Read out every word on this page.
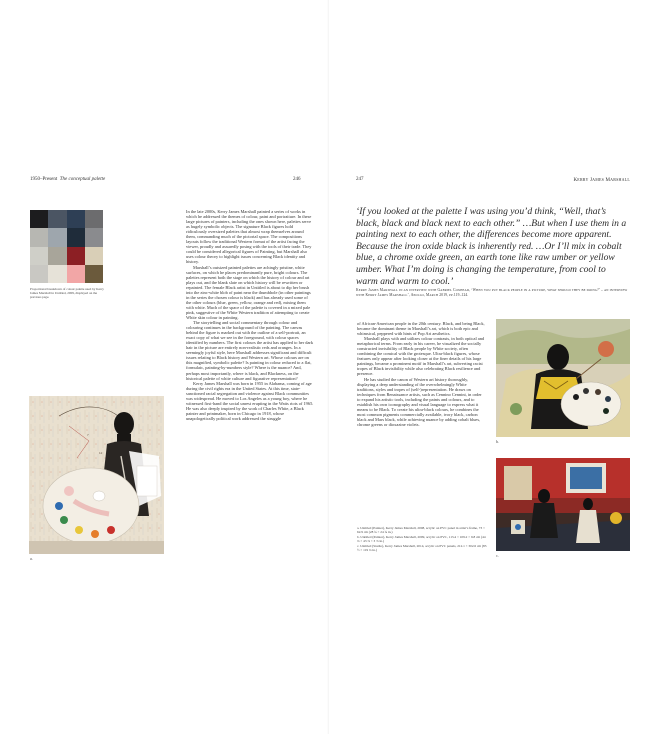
1950–Present The conceptual palette	246
Proportional breakdown of colour palette used by Kerry James Marshall in Untitled, 2009, displayed on the previous page.
7
12
a.

In the late 2000s, Kerry James Marshall painted a series of works in which he addressed the themes of colour, paint and portraiture. In these large pictures of painters, including the ones shown here, palettes serve as hugely symbolic objects. The signature Black figures hold ridiculously oversized palettes that almost wrap themselves around them, commanding much of the pictorial space. The compositions layouts follow the traditional Western format of the artist facing the viewer, proudly and assuredly posing with the tools of their trade. They could be considered allegorical figures of Painting, but Marshall also uses colour theory to highlight issues concerning Black identity and history.

Marshall’s outsized painted palettes are achingly pristine, white surfaces, on which he places predominantly pure, bright colours. The palettes represent both the stage on which the history of colour and art plays out, and the blank slate on which history will be rewritten or repainted. The female Black artist in Untitled is about to dip her brush into the zinc-white blob of paint near the thumbhole (in other paintings in the series the chosen colour is black) and has already used some of the other colours (blue, green, yellow, orange and red), mixing them with white. Much of the space of the palette is covered in a mixed pale pink, suggestive of the White Western tradition of attempting to create White skin colour in painting.

The storytelling and social commentary through colour and colouring continues in the background of the painting. The canvas behind the figure is marked out with the outline of a self-portrait, an exact copy of what we see in the foreground, with colour spaces identified by numbers. The first colours the artist has applied to her dark hair in the picture are entirely non-realistic reds and oranges. In a seemingly joyful style, here Marshall addresses significant and difficult issues relating to Black history and Western art. Whose colours are on this magnified, symbolic palette? Is painting in colour reduced to a flat, formulaic, painting-by-numbers style? Where is the nuance? And, perhaps most importantly, where is black, and Blackness, on the historical palette of white culture and figurative representation?

Kerry James Marshall was born in 1955 in Alabama, coming of age during the civil rights era in the United States. At this time, state-sanctioned racial segregation and violence against Black communities was widespread. He moved to Los Angeles as a young boy, where he witnessed first-hand the social unrest erupting in the Watts riots of 1965. He was also deeply inspired by the work of Charles White, a Black painter and printmaker, born in Chicago in 1918, whose unapologetically political work addressed the struggle

247	Kerry James Marshall
‘If you looked at the palette I was using you’d think, “Well, that’s black, black and black next to each other.” …But when I use them in a painting next to each other, the differences become more apparent. Because the iron oxide black is inherently red. …Or I’ll mix in cobalt blue, a chrome oxide green, an earth tone like raw umber or yellow umber. What I’m doing is changing the temperature, from cool to warm and warm to cool.’
Kerry James Marshall in an interview with Gabriel Coxhead, ‘When you put black people in a picture, what should they be doing?’ – an interview with Kerry James Marshall’, Apollo, March 2019, pp.119–124.

of African-American people in the 20th century. Black, and being Black, became the dominant theme in Marshall’s art, which is both epic and whimsical, peppered with hints of Pop Art aesthetics.

Marshall plays with and utilizes colour contrasts, in both optical and metaphorical terms. From early in his career, he visualized the socially constructed invisibility of Black people by White society, often combining the comical with the grotesque. Ultra-black figures, whose features only appear after looking closer at the finer details of his large paintings, became a prominent motif in Marshall’s art, subverting racist tropes of Black invisibility while also celebrating Black resilience and presence.

He has studied the canon of Western art history thoroughly, displaying a deep understanding of the overwhelmingly White traditions, styles and tropes of (self-)representation. He draws on techniques from Renaissance artists, such as Cennino Cennini, in order to expand his artistic tools, including the paints and colours, and to establish his own iconography and visual language to express what it means to be Black. To create his ultra-black colours, he combines the most common pigments commercially available, ivory black, carbon black and Mars black, while achieving nuance by adding cobalt blues, chrome greens or dioxazine violets.

b.
c.
a. Untitled (Painter), Kerry James Marshall, 2008, acrylic on PVC panel in artist’s frame, 73 × 62.9 cm (28 ¾ × 24 ¾ in.)
b. Untitled (Painter), Kerry James Marshall, 2009, acrylic on PVC, 113.4 × 109.2 × 9.8 cm (44 ⅝ × 43 ⅜ × 3 ⅞ in.)
c. Untitled (Studio), Kerry James Marshall, 2014, acrylic on PVC panels, 212.1 × 302.6 cm (83 ½ × 119 ⅛ in.)
